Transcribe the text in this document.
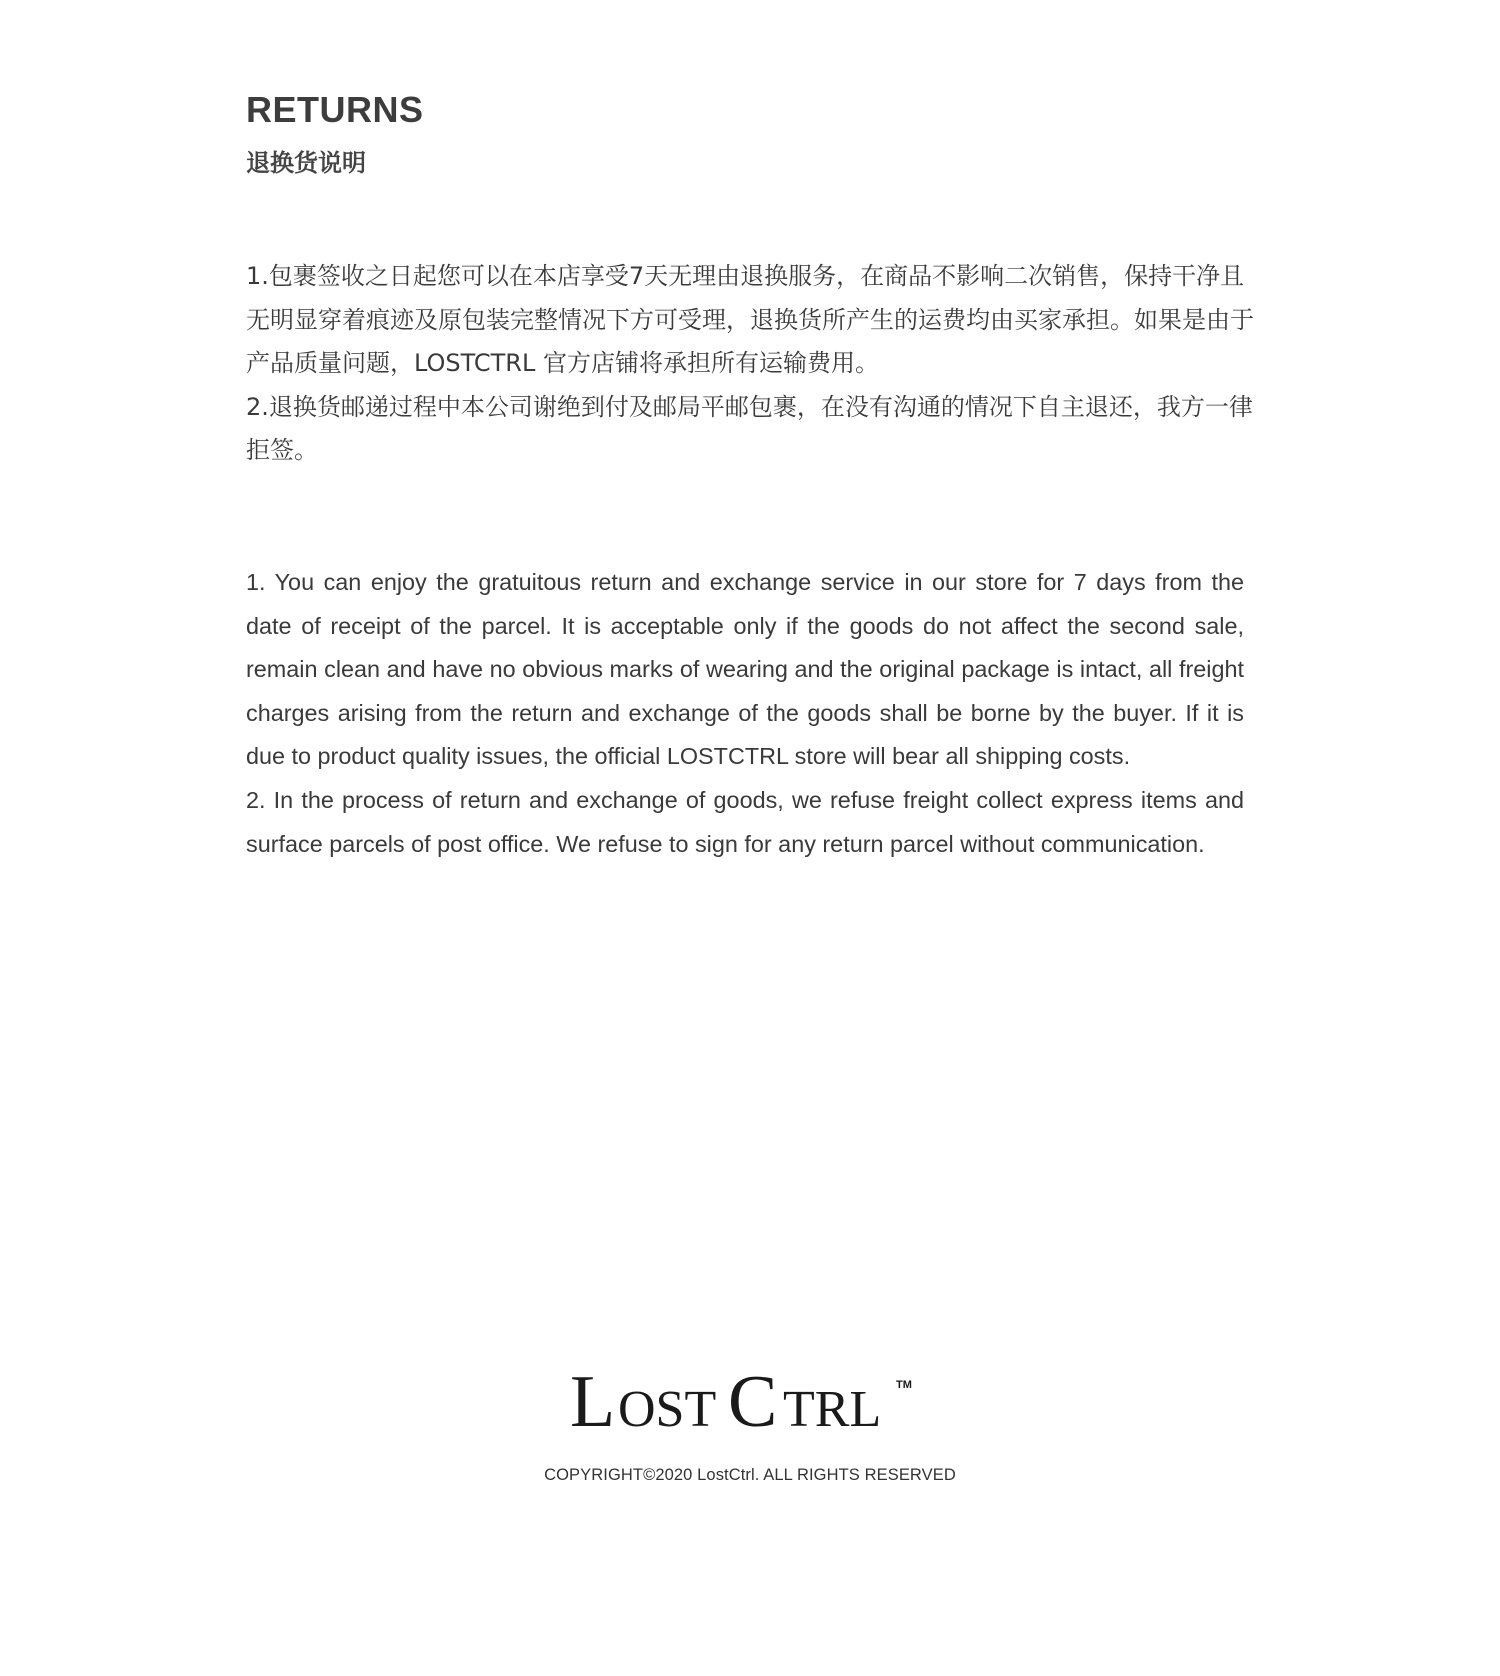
RETURNS
退换货说明

1.包裹签收之日起您可以在本店享受7天无理由退换服务，在商品不影响二次销售，保持干净且无明显穿着痕迹及原包装完整情况下方可受理，退换货所产生的运费均由买家承担。如果是由于产品质量问题，LOSTCTRL 官方店铺将承担所有运输费用。

2.退换货邮递过程中本公司谢绝到付及邮局平邮包裹，在没有沟通的情况下自主退还，我方一律拒签。

1. You can enjoy the gratuitous return and exchange service in our store for 7 days from the date of receipt of the parcel. It is acceptable only if the goods do not affect the second sale, remain clean and have no obvious marks of wearing and the original package is intact, all freight charges arising from the return and exchange of the goods shall be borne by the buyer. If it is due to product quality issues, the official LOSTCTRL store will bear all shipping costs.

2. In the process of return and exchange of goods, we refuse freight collect express items and surface parcels of post office. We refuse to sign for any return parcel without communication.

L OST C TRL TM
COPYRIGHT©2020 LostCtrl. ALL RIGHTS RESERVED
